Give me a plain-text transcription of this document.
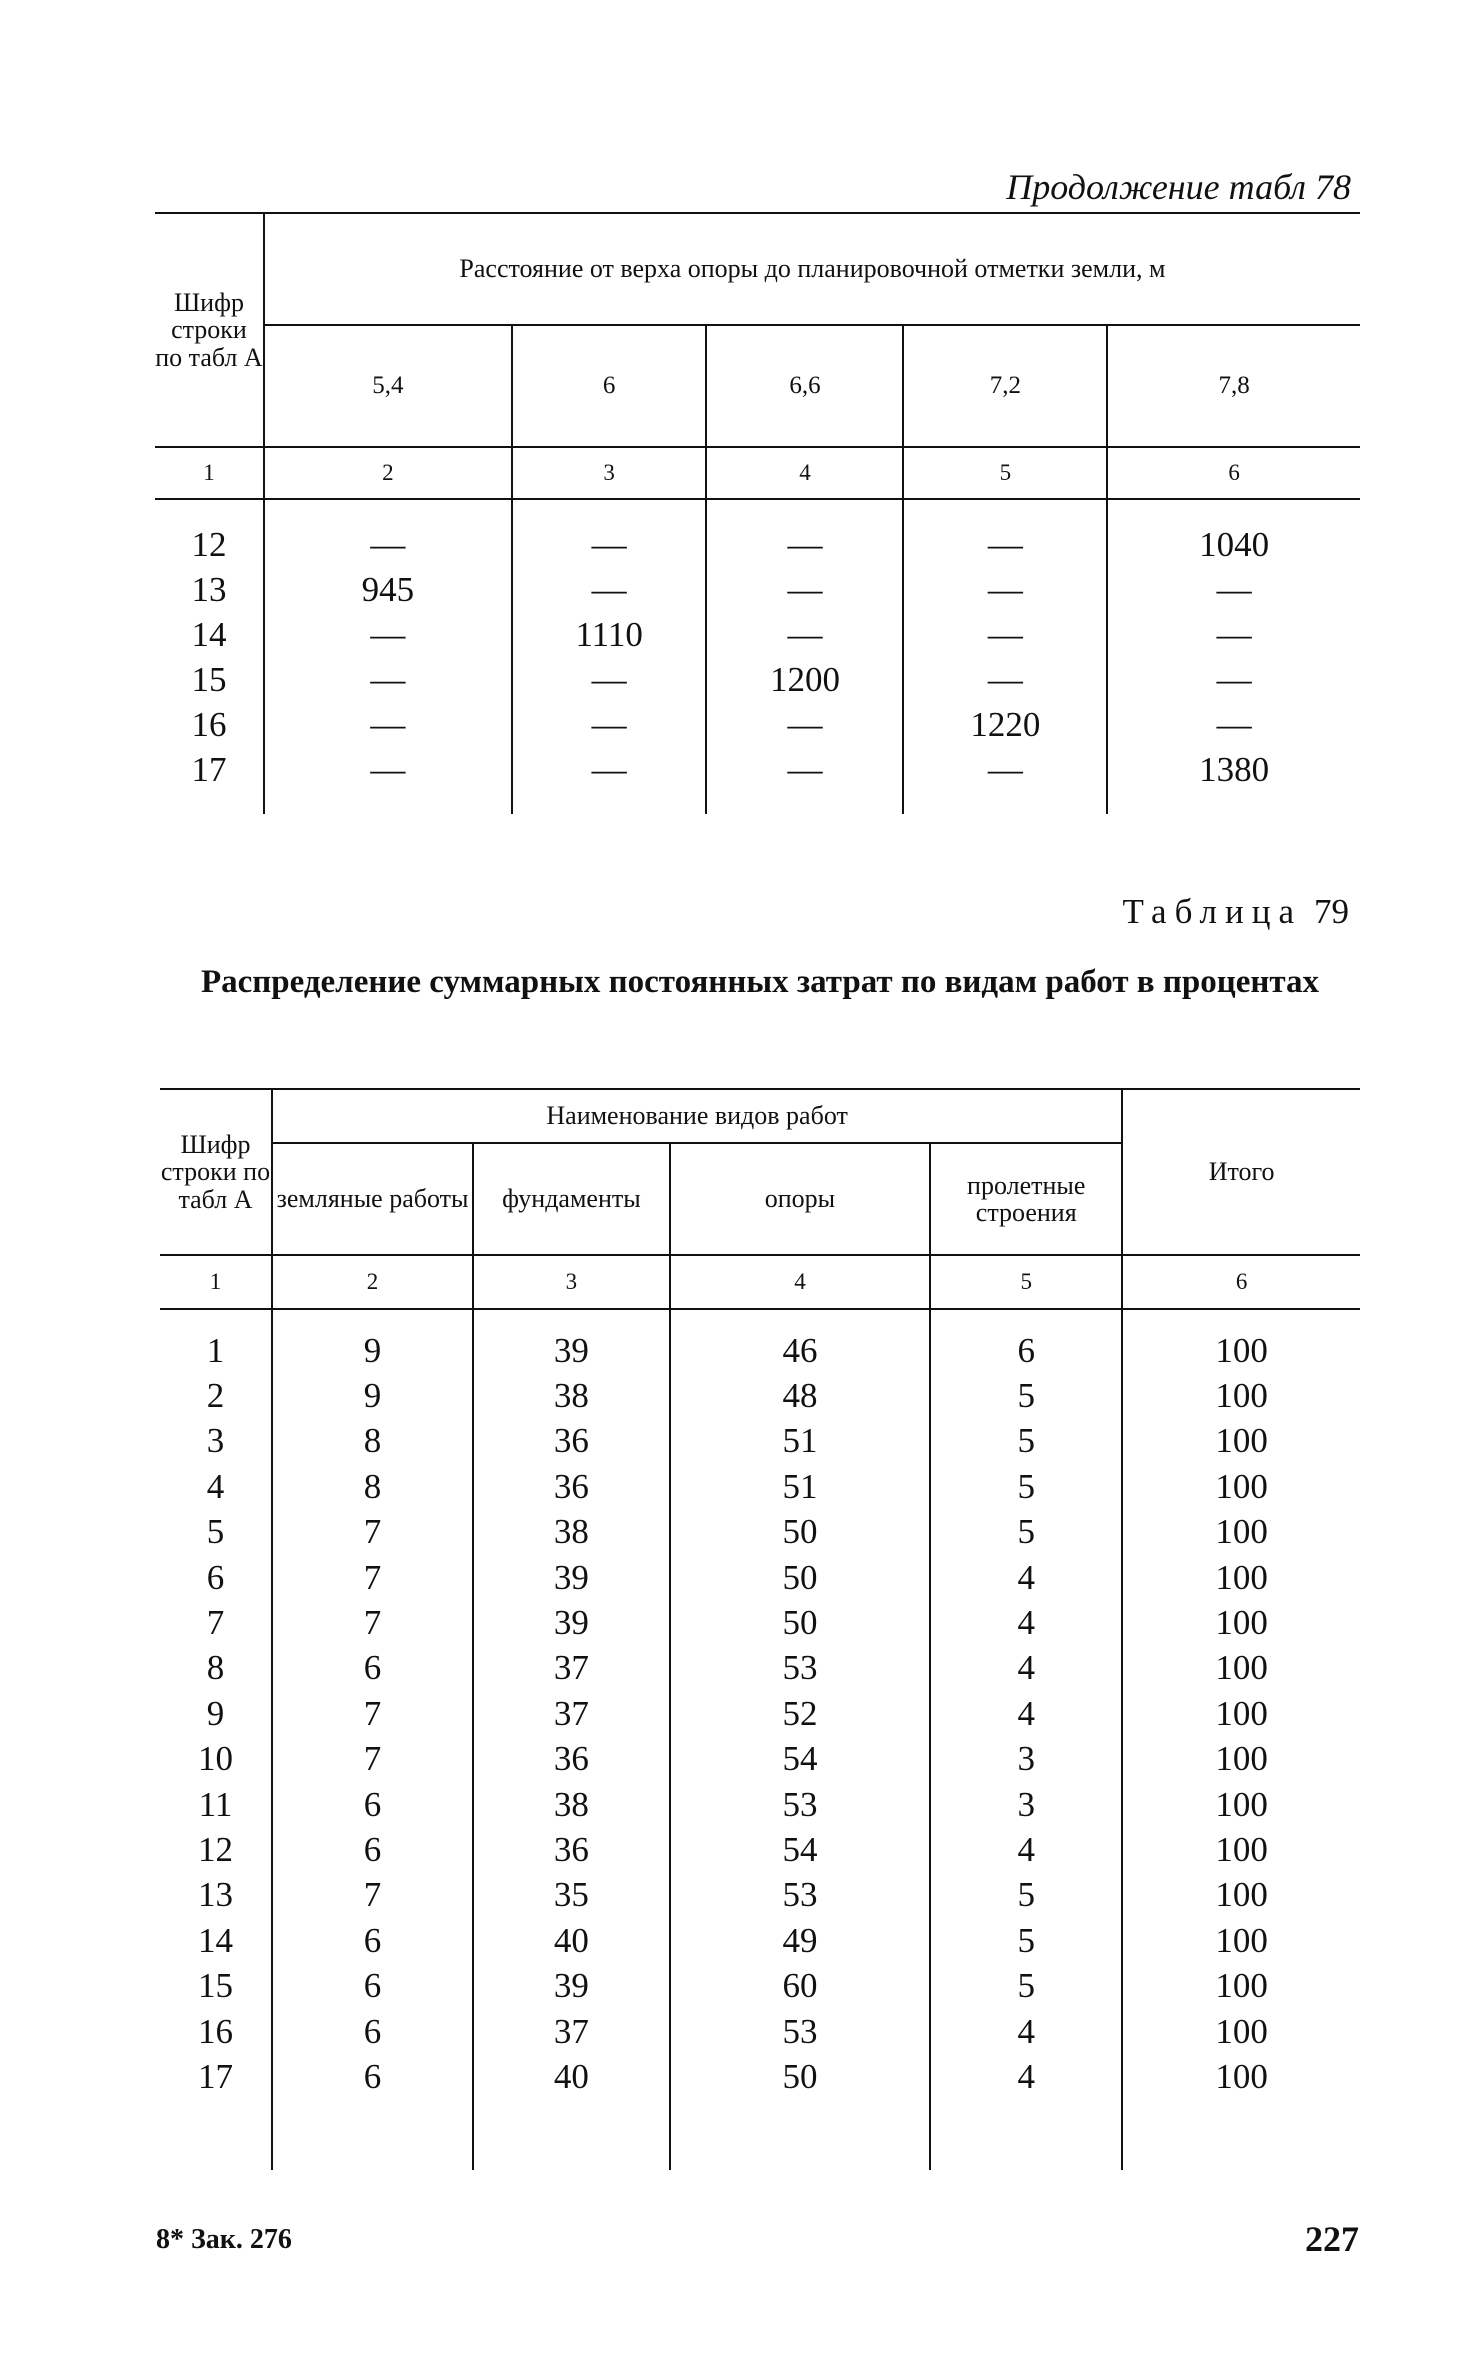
Продолжение табл 78
Шифр строки по табл А	Расстояние от верха опоры до планировочной отметки земли, м				
	5,4	6	6,6	7,2	7,8
1	2	3	4	5	6
12	—	—	—	—	1040
13	945	—	—	—	—
14	—	1110	—	—	—
15	—	—	1200	—	—
16	—	—	—	1220	—
17	—	—	—	—	1380
Таблица 79
Распределение суммарных постоянных затрат по видам работ в процентах
Шифр строки по табл А	Наименование видов работ				Итого
	земляные работы	фундаменты	опоры	пролетные строения	
1	2	3	4	5	6
1	9	39	46	6	100
2	9	38	48	5	100
3	8	36	51	5	100
4	8	36	51	5	100
5	7	38	50	5	100
6	7	39	50	4	100
7	7	39	50	4	100
8	6	37	53	4	100
9	7	37	52	4	100
10	7	36	54	3	100
11	6	38	53	3	100
12	6	36	54	4	100
13	7	35	53	5	100
14	6	40	49	5	100
15	6	39	60	5	100
16	6	37	53	4	100
17	6	40	50	4	100

8* Зак. 276	227
